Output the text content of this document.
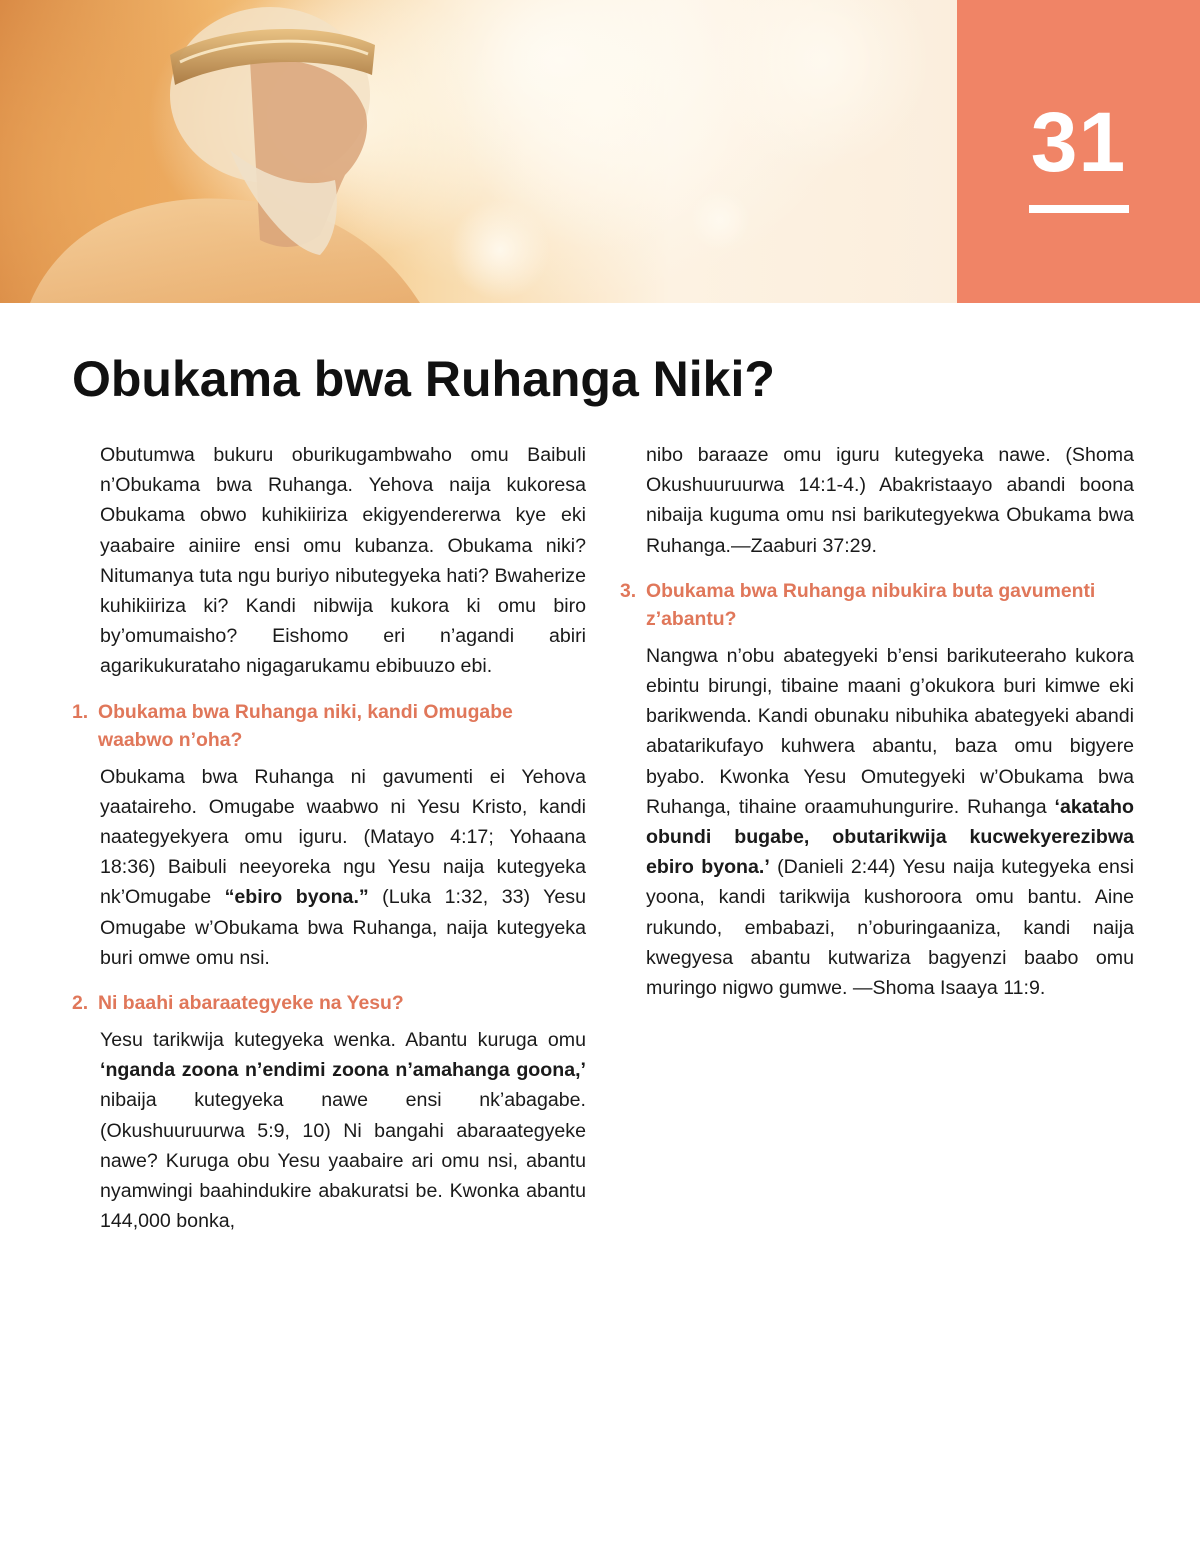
31
Obukama bwa Ruhanga Niki?

Obutumwa bukuru oburikugambwaho omu Baibuli n’Obukama bwa Ruhanga. Yehova naija kukoresa Obukama obwo kuhikiiriza ekigyendererwa kye eki yaabaire ainiire ensi omu kubanza. Obukama niki? Nitumanya tuta ngu buriyo nibutegyeka hati? Bwaherize kuhikiiriza ki? Kandi nibwija kukora ki omu biro by’omumaisho? Eishomo eri n’agandi abiri agarikukurataho nigagarukamu ebibuuzo ebi.

1. Obukama bwa Ruhanga niki, kandi Omugabe waabwo n’oha?

Obukama bwa Ruhanga ni gavumenti ei Yehova yaataireho. Omugabe waabwo ni Yesu Kristo, kandi naategyekyera omu iguru. (Matayo 4:17; Yohaana 18:36) Baibuli neeyoreka ngu Yesu naija kutegyeka nk’Omugabe “ebiro byona.” (Luka 1:32, 33) Yesu Omugabe w’Obukama bwa Ruhanga, naija kutegyeka buri omwe omu nsi.

2. Ni baahi abaraategyeke na Yesu?

Yesu tarikwija kutegyeka wenka. Abantu kuruga omu ‘nganda zoona n’endimi zoona n’amahanga goona,’ nibaija kutegyeka nawe ensi nk’abagabe. (Okushuuruurwa 5:9, 10) Ni bangahi abaraategyeke nawe? Kuruga obu Yesu yaabaire ari omu nsi, abantu nyamwingi baahindukire abakuratsi be. Kwonka abantu 144,000 bonka,

nibo baraaze omu iguru kutegyeka nawe. (Shoma Okushuuruurwa 14:1-4.) Abakristaayo abandi boona nibaija kuguma omu nsi barikutegyekwa Obukama bwa Ruhanga.—Zaaburi 37:29.

3. Obukama bwa Ruhanga nibukira buta gavumenti z’abantu?

Nangwa n’obu abategyeki b’ensi barikuteeraho kukora ebintu birungi, tibaine maani g’okukora buri kimwe eki barikwenda. Kandi obunaku nibuhika abategyeki abandi abatarikufayo kuhwera abantu, baza omu bigyere byabo. Kwonka Yesu Omutegyeki w’Obukama bwa Ruhanga, tihaine oraamuhungurire. Ruhanga ‘akataho obundi bugabe, obutarikwija kucwekyerezibwa ebiro byona.’ (Danieli 2:44) Yesu naija kutegyeka ensi yoona, kandi tarikwija kushoroora omu bantu. Aine rukundo, embabazi, n’oburingaaniza, kandi naija kwegyesa abantu kutwariza bagyenzi baabo omu muringo nigwo gumwe. —Shoma Isaaya 11:9.
